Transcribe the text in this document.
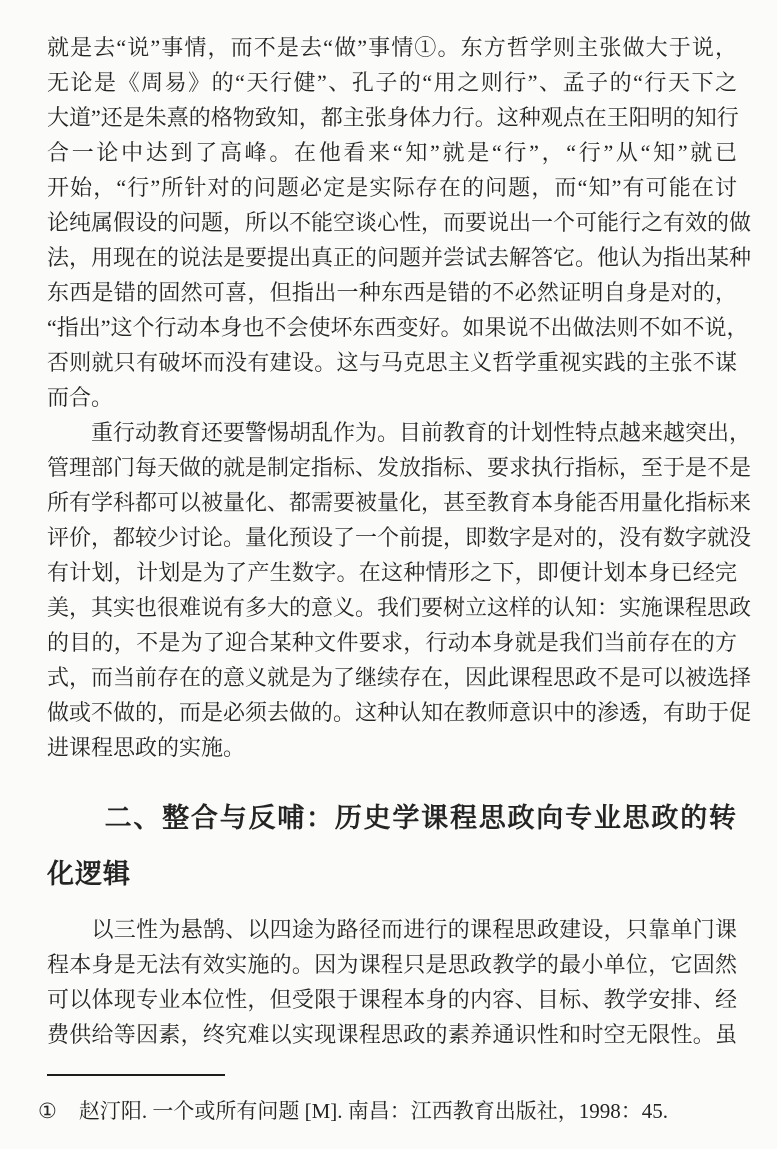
就是去“说”事情，而不是去“做”事情①。东方哲学则主张做大于说，
无论是《周易》的“天行健”、孔子的“用之则行”、孟子的“行天下之
大道”还是朱熹的格物致知，都主张身体力行。这种观点在王阳明的知行
合一论中达到了高峰。在他看来“知”就是“行”，“行”从“知”就已
开始，“行”所针对的问题必定是实际存在的问题，而“知”有可能在讨
论纯属假设的问题，所以不能空谈心性，而要说出一个可能行之有效的做
法，用现在的说法是要提出真正的问题并尝试去解答它。他认为指出某种
东西是错的固然可喜，但指出一种东西是错的不必然证明自身是对的，
“指出”这个行动本身也不会使坏东西变好。如果说不出做法则不如不说，
否则就只有破坏而没有建设。这与马克思主义哲学重视实践的主张不谋
而合。
　　重行动教育还要警惕胡乱作为。目前教育的计划性特点越来越突出，
管理部门每天做的就是制定指标、发放指标、要求执行指标，至于是不是
所有学科都可以被量化、都需要被量化，甚至教育本身能否用量化指标来
评价，都较少讨论。量化预设了一个前提，即数字是对的，没有数字就没
有计划，计划是为了产生数字。在这种情形之下，即便计划本身已经完
美，其实也很难说有多大的意义。我们要树立这样的认知：实施课程思政
的目的，不是为了迎合某种文件要求，行动本身就是我们当前存在的方
式，而当前存在的意义就是为了继续存在，因此课程思政不是可以被选择
做或不做的，而是必须去做的。这种认知在教师意识中的渗透，有助于促
进课程思政的实施。
　　二、整合与反哺：历史学课程思政向专业思政的转
化逻辑
　　以三性为悬鹄、以四途为路径而进行的课程思政建设，只靠单门课
程本身是无法有效实施的。因为课程只是思政教学的最小单位，它固然
可以体现专业本位性，但受限于课程本身的内容、目标、教学安排、经
费供给等因素，终究难以实现课程思政的素养通识性和时空无限性。虽
① 赵汀阳. 一个或所有问题 [M]. 南昌：江西教育出版社，1998：45.
